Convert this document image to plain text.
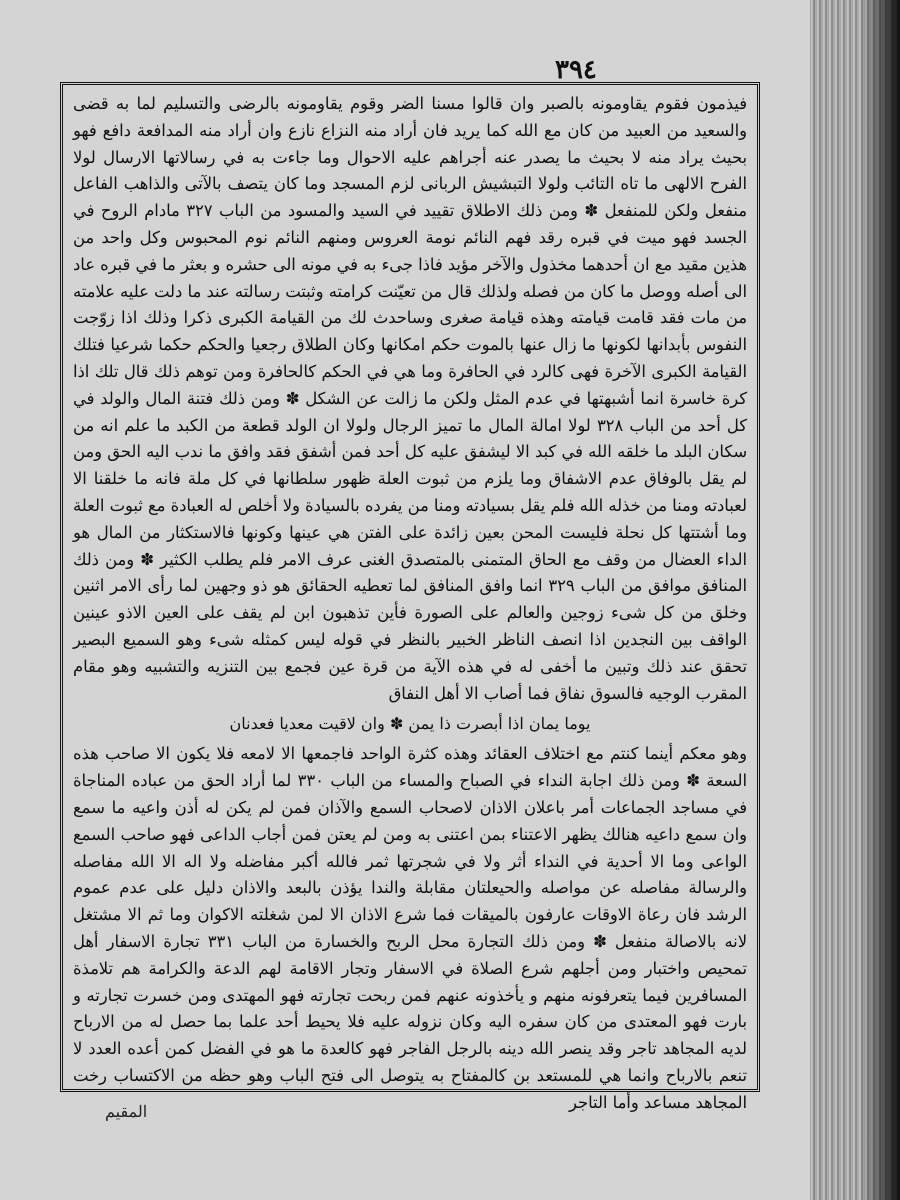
٣٩٤

فيذمون فقوم يقاومونه بالصبر وان قالوا مسنا الضر وقوم يقاومونه بالرضى والتسليم لما به قضى والسعيد من العبيد من كان مع الله كما يريد فان أراد منه النزاع نازع وان أراد منه المدافعة دافع فهو بحيث يراد منه لا بحيث ما يصدر عنه أجراهم عليه الاحوال وما جاءت به في رسالاتها الارسال لولا الفرح الالهى ما تاه التائب ولولا التبشيش الربانى لزم المسجد وما كان يتصف بالآتى والذاهب الفاعل منفعل ولكن للمنفعل ✽ ومن ذلك الاطلاق تقييد في السيد والمسود من الباب ٣٢٧ مادام الروح في الجسد فهو ميت في قبره رقد فهم النائم نومة العروس ومنهم النائم نوم المحبوس وكل واحد من هذين مقيد مع ان أحدهما مخذول والآخر مؤيد فاذا جىء به في مونه الى حشره و بعثر ما في قبره عاد الى أصله ووصل ما كان من فصله ولذلك قال من تعيّنت كرامته وثبتت رسالته عند ما دلت عليه علامته من مات فقد قامت قيامته وهذه قيامة صغرى وساحدث لك من القيامة الكبرى ذكرا وذلك اذا زوّجت النفوس بأبدانها لكونها ما زال عنها بالموت حكم امكانها وكان الطلاق رجعيا والحكم حكما شرعيا فتلك القيامة الكبرى الآخرة فهى كالرد في الحافرة وما هي في الحكم كالحافرة ومن توهم ذلك قال تلك اذا كرة خاسرة انما أشبهتها في عدم المثل ولكن ما زالت عن الشكل ✽ ومن ذلك فتنة المال والولد في كل أحد من الباب ٣٢٨ لولا امالة المال ما تميز الرجال ولولا ان الولد قطعة من الكبد ما علم انه من سكان البلد ما خلقه الله في كبد الا ليشفق عليه كل أحد فمن أشفق فقد وافق ما ندب اليه الحق ومن لم يقل بالوفاق عدم الاشفاق وما يلزم من ثبوت العلة ظهور سلطانها في كل ملة فانه ما خلقنا الا لعبادته ومنا من خذله الله فلم يقل بسيادته ومنا من يفرده بالسيادة ولا أخلص له العبادة مع ثبوت العلة وما أشتتها كل نحلة فليست المحن بعين زائدة على الفتن هي عينها وكونها فالاستكثار من المال هو الداء العضال من وقف مع الحاق المتمنى بالمتصدق الغنى عرف الامر فلم يطلب الكثير ✽ ومن ذلك المنافق موافق من الباب ٣٢٩ انما وافق المنافق لما تعطيه الحقائق هو ذو وجهين لما رأى الامر اثنين وخلق من كل شىء زوجين والعالم على الصورة فأين تذهبون ابن لم يقف على العين الاذو عينين الواقف بين النجدين اذا انصف الناظر الخبير بالنظر في قوله ليس كمثله شىء وهو السميع البصير تحقق عند ذلك وتبين ما أخفى له في هذه الآية من قرة عين فجمع بين التنزيه والتشبيه وهو مقام المقرب الوجيه فالسوق نفاق فما أصاب الا أهل النفاق

يوما يمان اذا أبصرت ذا يمن ✽ وان لاقيت معديا فعدنان

وهو معكم أينما كنتم مع اختلاف العقائد وهذه كثرة الواحد فاجمعها الا لامعه فلا يكون الا صاحب هذه السعة ✽ ومن ذلك اجابة النداء في الصباح والمساء من الباب ٣٣٠ لما أراد الحق من عباده المناجاة في مساجد الجماعات أمر باعلان الاذان لاصحاب السمع والآذان فمن لم يكن له أذن واعيه ما سمع وان سمع داعيه هنالك يظهر الاعتناء بمن اعتنى به ومن لم يعتن فمن أجاب الداعى فهو صاحب السمع الواعى وما الا أحدية في النداء أثر ولا في شجرتها ثمر فالله أكبر مفاضله ولا اله الا الله مفاصله والرسالة مفاصله عن مواصله والحيعلتان مقابلة والندا يؤذن بالبعد والاذان دليل على عدم عموم الرشد فان رعاة الاوقات عارفون بالميقات فما شرع الاذان الا لمن شغلته الاكوان وما ثم الا مشتغل لانه بالاصالة منفعل ✽ ومن ذلك التجارة محل الربح والخسارة من الباب ٣٣١ تجارة الاسفار أهل تمحيص واختبار ومن أجلهم شرع الصلاة في الاسفار وتجار الاقامة لهم الدعة والكرامة هم تلامذة المسافرين فيما يتعرفونه منهم و يأخذونه عنهم فمن ربحت تجارته فهو المهتدى ومن خسرت تجارته و بارت فهو المعتدى من كان سفره اليه وكان نزوله عليه فلا يحيط أحد علما بما حصل له من الارباح لديه المجاهد تاجر وقد ينصر الله دينه بالرجل الفاجر فهو كالعدة ما هو في الفضل كمن أعده العدد لا تنعم بالارباح وانما هي للمستعد بن كالمفتاح به يتوصل الى فتح الباب وهو حظه من الاكتساب رخت المجاهد مساعد وأما التاجر

المقيم
